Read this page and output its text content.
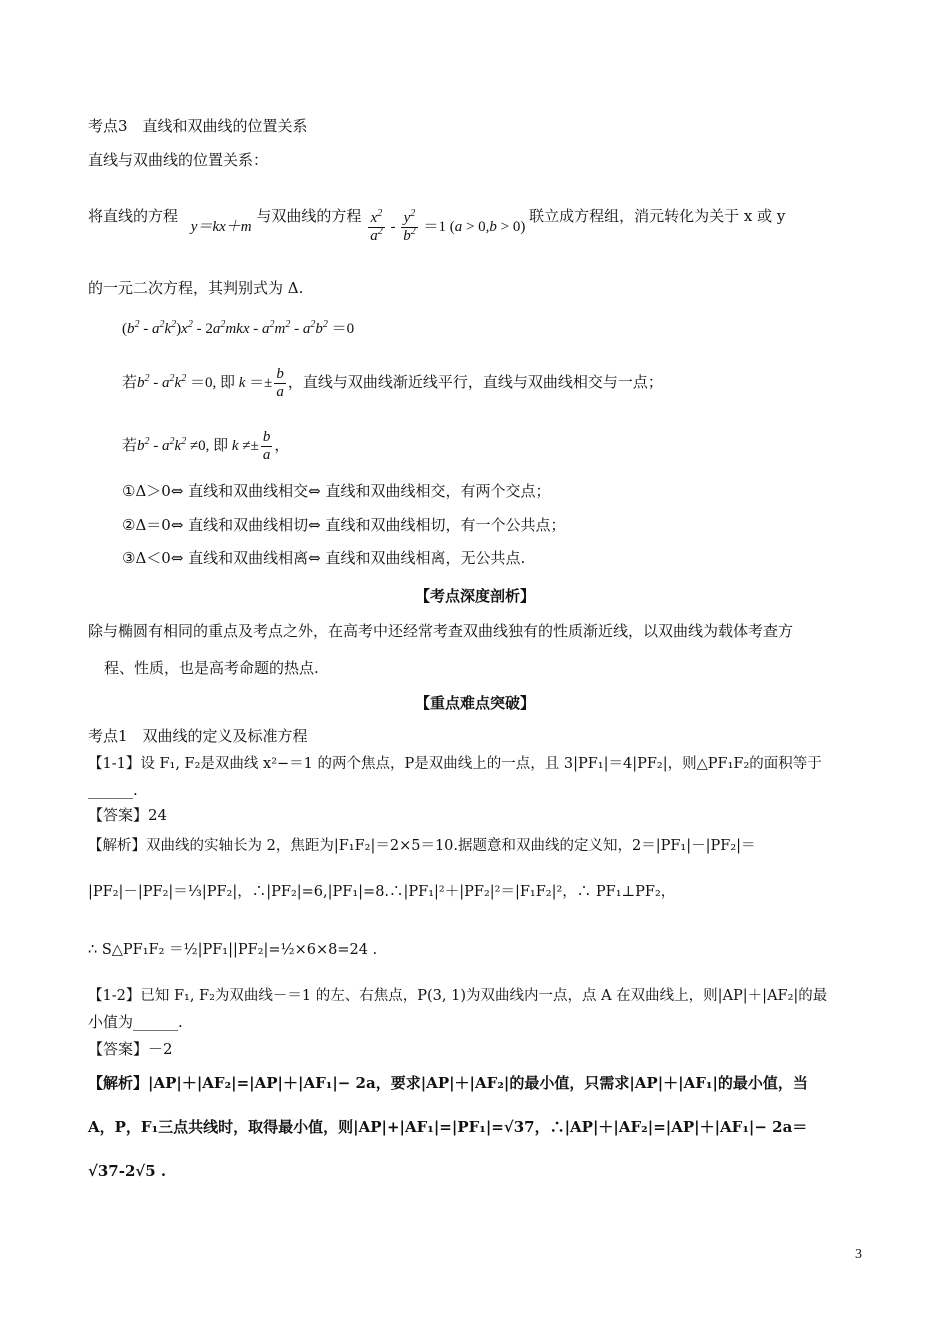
考点3　直线和双曲线的位置关系
直线与双曲线的位置关系：
将直线的方程 y＝kx＋m 与双曲线的方程 $\frac{x^2}{a^2} - \frac{y^2}{b^2} =1$ (a > 0,b > 0) 联立成方程组，消元转化为关于 x 或 y
的一元二次方程，其判别式为 Δ.
$(b^2 - a^2k^2)x^2 - 2a^2mkx - a^2m^2 - a^2b^2 =0$
若$b^2 - a^2k^2 =0$, 即 $k =\pm \frac{b}{a}$ ，直线与双曲线渐近线平行，直线与双曲线相交与一点；
若$b^2 - a^2k^2 \ne 0$, 即 $k \ne\pm \frac{b}{a}$ ，
①Δ＞0⇔ 直线和双曲线相交⇔ 直线和双曲线相交，有两个交点；
②Δ＝0⇔ 直线和双曲线相切⇔ 直线和双曲线相切，有一个公共点；
③Δ＜0⇔ 直线和双曲线相离⇔ 直线和双曲线相离，无公共点.
【考点深度剖析】
除与椭圆有相同的重点及考点之外，在高考中还经常考查双曲线独有的性质渐近线，以双曲线为载体考查方
程、性质，也是高考命题的热点.
【重点难点突破】
考点1　双曲线的定义及标准方程
【1-1】设 F₁, F₂是双曲线 x²−＝1 的两个焦点，P是双曲线上的一点，且 3|PF₁|＝4|PF₂|，则△PF₁F₂的面积等于
______.
【答案】24
【解析】双曲线的实轴长为 2，焦距为|F₁F₂|＝2×5＝10.据题意和双曲线的定义知，2＝|PF₁|－|PF₂|＝
|PF₂|－|PF₂|＝⅓|PF₂|，∴|PF₂|=6,|PF₁|=8.∴|PF₁|²＋|PF₂|²＝|F₁F₂|²，∴ PF₁⊥PF₂，
∴ S△PF₁F₂ ＝½|PF₁||PF₂|=½×6×8=24 .
【1-2】已知 F₁, F₂为双曲线－＝1 的左、右焦点，P(3, 1)为双曲线内一点，点 A 在双曲线上，则|AP|＋|AF₂|的最
小值为______.
【答案】－2
【解析】|AP|＋|AF₂|=|AP|＋|AF₁|− 2a，要求|AP|＋|AF₂|的最小值，只需求|AP|＋|AF₁|的最小值，当
A，P，F₁三点共线时，取得最小值，则|AP|+|AF₁|=|PF₁|=√37，∴|AP|＋|AF₂|=|AP|＋|AF₁|− 2a＝
√37-2√5 .
3
